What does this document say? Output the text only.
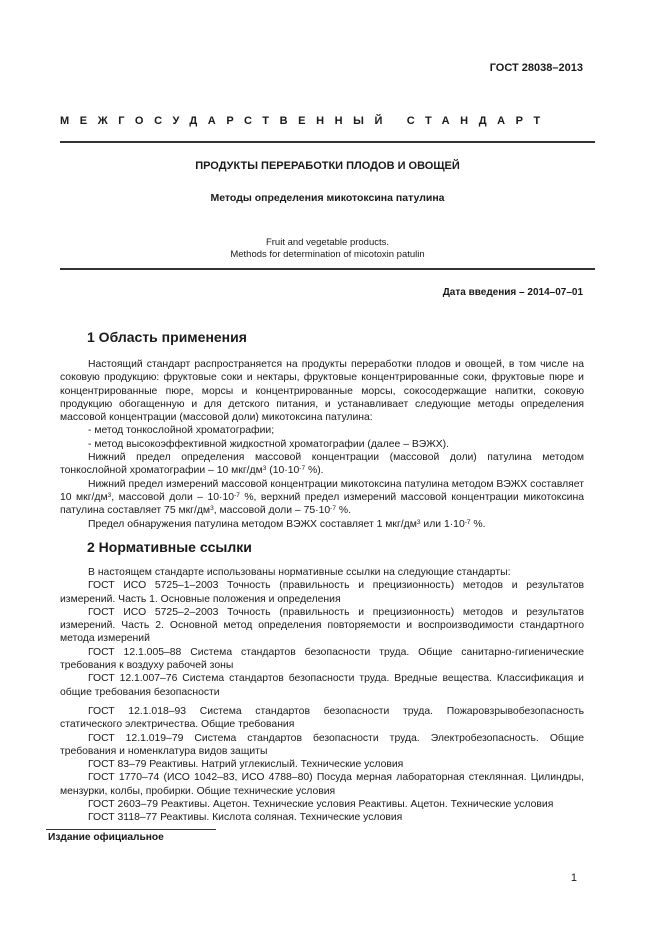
ГОСТ 28038–2013
МЕЖГОСУДАРСТВЕННЫЙ СТАНДАРТ
ПРОДУКТЫ ПЕРЕРАБОТКИ ПЛОДОВ И ОВОЩЕЙ
Методы определения микотоксина патулина
Fruit and vegetable products.
Methods for determination of micotoxin patulin
Дата введения – 2014–07–01
1 Область применения

Настоящий стандарт распространяется на продукты переработки плодов и овощей, в том числе на соковую продукцию: фруктовые соки и нектары, фруктовые концентрированные соки, фруктовые пюре и концентрированные пюре, морсы и концентрированные морсы, сокосодержащие напитки, соковую продукцию обогащенную и для детского питания, и устанавливает следующие методы определения массовой концентрации (массовой доли) микотоксина патулина:

- метод тонкослойной хроматографии;

- метод высокоэффективной жидкостной хроматографии (далее – ВЭЖХ).

Нижний предел определения массовой концентрации (массовой доли) патулина методом тонкослойной хроматографии – 10 мкг/$дм^3$ ($10\cdot 10^{-7}$ %).

Нижний предел измерений массовой концентрации микотоксина патулина методом ВЭЖХ составляет 10 мкг/$дм^3$, массовой доли – $10\cdot 10^{-7}$ %, верхний предел измерений массовой концентрации микотоксина патулина составляет 75 мкг/$дм^3$, массовой доли – $75\cdot 10^{-7}$ %.

Предел обнаружения патулина методом ВЭЖХ составляет 1 мкг/$дм^3$ или $1\cdot 10^{-7}$ %.

2 Нормативные ссылки

В настоящем стандарте использованы нормативные ссылки на следующие стандарты:

ГОСТ ИСО 5725–1–2003 Точность (правильность и прецизионность) методов и результатов измерений. Часть 1. Основные положения и определения

ГОСТ ИСО 5725–2–2003 Точность (правильность и прецизионность) методов и результатов измерений. Часть 2. Основной метод определения повторяемости и воспроизводимости стандартного метода измерений

ГОСТ 12.1.005–88 Система стандартов безопасности труда. Общие санитарно-гигиенические требования к воздуху рабочей зоны

ГОСТ 12.1.007–76 Система стандартов безопасности труда. Вредные вещества. Классификация и общие требования безопасности

ГОСТ 12.1.018–93 Система стандартов безопасности труда. Пожаровзрывобезопасность статического электричества. Общие требования

ГОСТ 12.1.019–79 Система стандартов безопасности труда. Электробезопасность. Общие требования и номенклатура видов защиты

ГОСТ 83–79 Реактивы. Натрий углекислый. Технические условия

ГОСТ 1770–74 (ИСО 1042–83, ИСО 4788–80) Посуда мерная лабораторная стеклянная. Цилиндры, мензурки, колбы, пробирки. Общие технические условия

ГОСТ 2603–79 Реактивы. Ацетон. Технические условия Реактивы. Ацетон. Технические условия

ГОСТ 3118–77 Реактивы. Кислота соляная. Технические условия

Издание официальное
1
